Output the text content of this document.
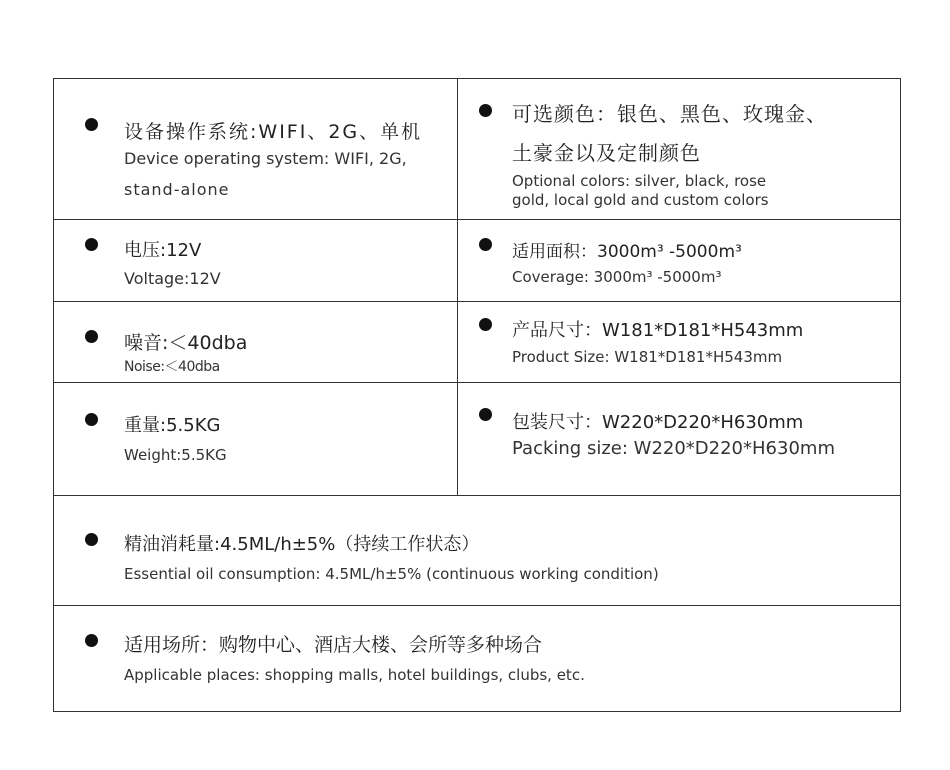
设备操作系统:WIFI、2G、单机
Device operating system: WIFI, 2G,
stand-alone
可选颜色：银色、黑色、玫瑰金、
土豪金以及定制颜色
Optional colors: silver, black, rose
gold, local gold and custom colors
电压:12V
Voltage:12V
适用面积：3000m³ -5000m³
Coverage: 3000m³ -5000m³
噪音:＜40dba
Noise:＜40dba
产品尺寸：W181*D181*H543mm
Product Size: W181*D181*H543mm
重量:5.5KG
Weight:5.5KG
包装尺寸：W220*D220*H630mm
Packing size: W220*D220*H630mm
精油消耗量:4.5ML/h±5%（持续工作状态）
Essential oil consumption: 4.5ML/h±5% (continuous working condition)
适用场所：购物中心、酒店大楼、会所等多种场合
Applicable places: shopping malls, hotel buildings, clubs, etc.
